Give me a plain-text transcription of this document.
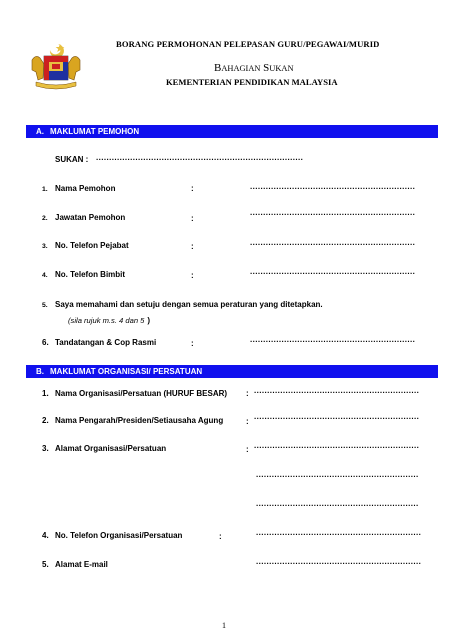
BORANG PERMOHONAN PELEPASAN GURU/PEGAWAI/MURID
BAHAGIAN SUKAN
KEMENTERIAN PENDIDIKAN MALAYSIA
A. MAKLUMAT PEMOHON
SUKAN : ...............................................................................
1. Nama Pemohon	:	...............................................................
2. Jawatan Pemohon	:
...............................................................
3. No. Telefon Pejabat	:	...............................................................
4. No. Telefon Bimbit	:	...............................................................
5. Saya memahami dan setuju dengan semua peraturan yang ditetapkan.
(sila rujuk m.s. 4 dan 5 )
6. Tandatangan & Cop Rasmi	:	...............................................................
B. MAKLUMAT ORGANISASI/ PERSATUAN
1. Nama Organisasi/Persatuan (HURUF BESAR) : ...............................................................
2. Nama Pengarah/Presiden/Setiausaha Agung	:
...............................................................
3. Alamat Organisasi/Persatuan	: ...............................................................
..............................................................
..............................................................
4. No. Telefon Organisasi/Persatuan	:	...............................................................
5. Alamat E-mail	...............................................................
1
